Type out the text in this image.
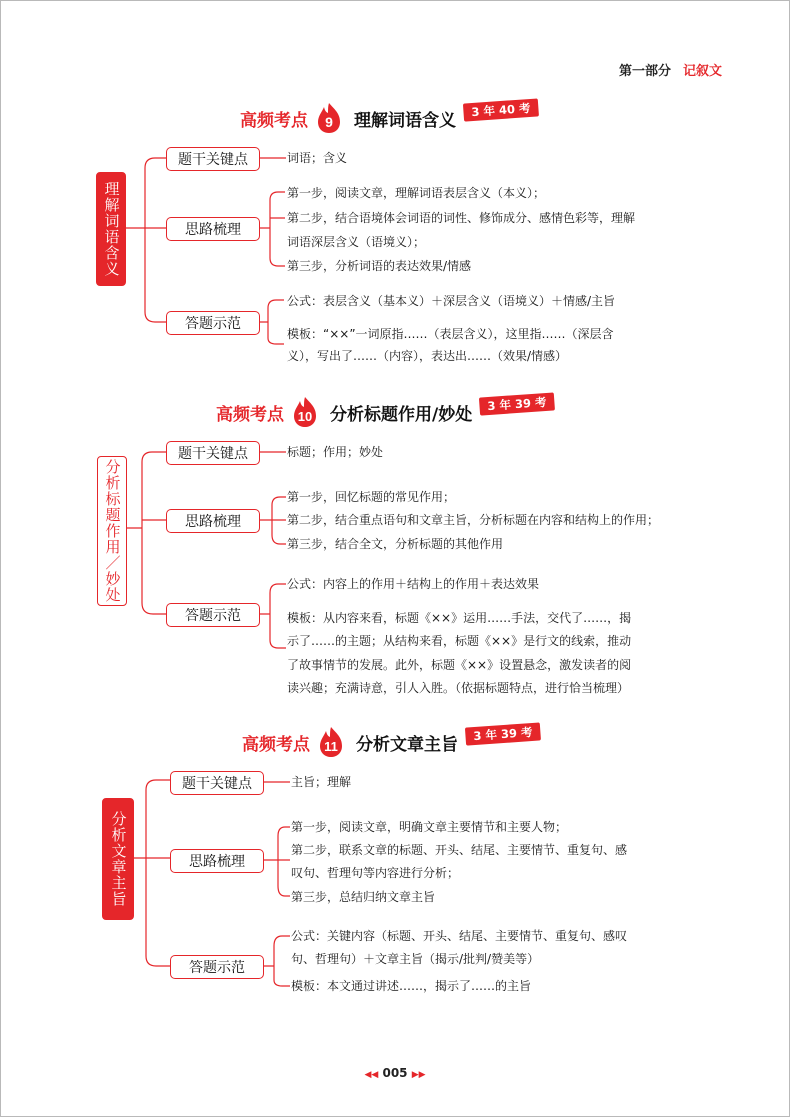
第一部分 记叙文
高频考点 9 理解词语含义
3 年 40 考
理解词语含义
题干关键点
思路梳理
答题示范
词语；含义
第一步，阅读文章，理解词语表层含义（本义）；
第二步，结合语境体会词语的词性、修饰成分、感情色彩等，理解
词语深层含义（语境义）；
第三步，分析词语的表达效果/情感
公式：表层含义（基本义）＋深层含义（语境义）＋情感/主旨
模板：“××”一词原指……（表层含义），这里指……（深层含
义），写出了……（内容），表达出……（效果/情感）
高频考点 10 分析标题作用/妙处
3 年 39 考
分析标题作用／妙处
题干关键点
思路梳理
答题示范
标题；作用；妙处
第一步，回忆标题的常见作用；
第二步，结合重点语句和文章主旨，分析标题在内容和结构上的作用；
第三步，结合全文，分析标题的其他作用
公式：内容上的作用＋结构上的作用＋表达效果
模板：从内容来看，标题《××》运用……手法，交代了……，揭
示了……的主题；从结构来看，标题《××》是行文的线索，推动
了故事情节的发展。此外，标题《××》设置悬念，激发读者的阅
读兴趣；充满诗意，引人入胜。（依据标题特点，进行恰当梳理）
高频考点 11 分析文章主旨
3 年 39 考
分析文章主旨
题干关键点
思路梳理
答题示范
主旨；理解
第一步，阅读文章，明确文章主要情节和主要人物；
第二步，联系文章的标题、开头、结尾、主要情节、重复句、感
叹句、哲理句等内容进行分析；
第三步，总结归纳文章主旨
公式：关键内容（标题、开头、结尾、主要情节、重复句、感叹
句、哲理句）＋文章主旨（揭示/批判/赞美等）
模板：本文通过讲述……，揭示了……的主旨
◀◀ 005 ▶▶
